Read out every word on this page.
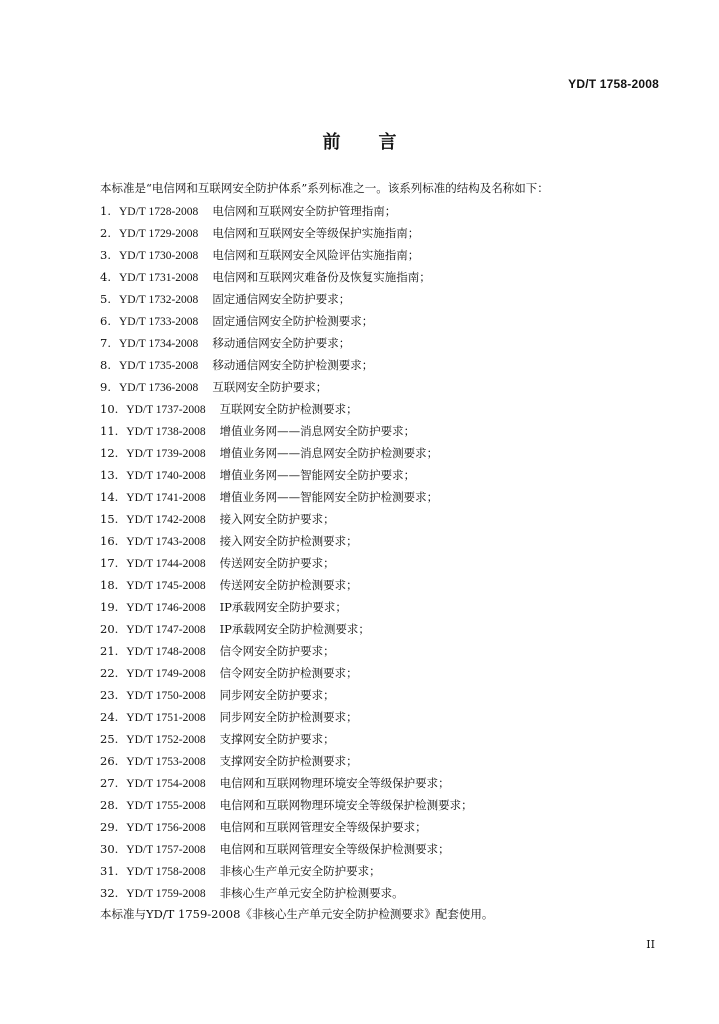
YD/T 1758-2008
前言
本标准是“电信网和互联网安全防护体系”系列标准之一。该系列标准的结构及名称如下：
1. YD/T 1728-2008 电信网和互联网安全防护管理指南；
2. YD/T 1729-2008 电信网和互联网安全等级保护实施指南；
3. YD/T 1730-2008 电信网和互联网安全风险评估实施指南；
4. YD/T 1731-2008 电信网和互联网灾难备份及恢复实施指南；
5. YD/T 1732-2008 固定通信网安全防护要求；
6. YD/T 1733-2008 固定通信网安全防护检测要求；
7. YD/T 1734-2008 移动通信网安全防护要求；
8. YD/T 1735-2008 移动通信网安全防护检测要求；
9. YD/T 1736-2008 互联网安全防护要求；
10. YD/T 1737-2008 互联网安全防护检测要求；
11. YD/T 1738-2008 增值业务网——消息网安全防护要求；
12. YD/T 1739-2008 增值业务网——消息网安全防护检测要求；
13. YD/T 1740-2008 增值业务网——智能网安全防护要求；
14. YD/T 1741-2008 增值业务网——智能网安全防护检测要求；
15. YD/T 1742-2008 接入网安全防护要求；
16. YD/T 1743-2008 接入网安全防护检测要求；
17. YD/T 1744-2008 传送网安全防护要求；
18. YD/T 1745-2008 传送网安全防护检测要求；
19. YD/T 1746-2008 IP承载网安全防护要求；
20. YD/T 1747-2008 IP承载网安全防护检测要求；
21. YD/T 1748-2008 信令网安全防护要求；
22. YD/T 1749-2008 信令网安全防护检测要求；
23. YD/T 1750-2008 同步网安全防护要求；
24. YD/T 1751-2008 同步网安全防护检测要求；
25. YD/T 1752-2008 支撑网安全防护要求；
26. YD/T 1753-2008 支撑网安全防护检测要求；
27. YD/T 1754-2008 电信网和互联网物理环境安全等级保护要求；
28. YD/T 1755-2008 电信网和互联网物理环境安全等级保护检测要求；
29. YD/T 1756-2008 电信网和互联网管理安全等级保护要求；
30. YD/T 1757-2008 电信网和互联网管理安全等级保护检测要求；
31. YD/T 1758-2008 非核心生产单元安全防护要求；
32. YD/T 1759-2008 非核心生产单元安全防护检测要求。
本标准与YD/T 1759-2008《非核心生产单元安全防护检测要求》配套使用。
II
